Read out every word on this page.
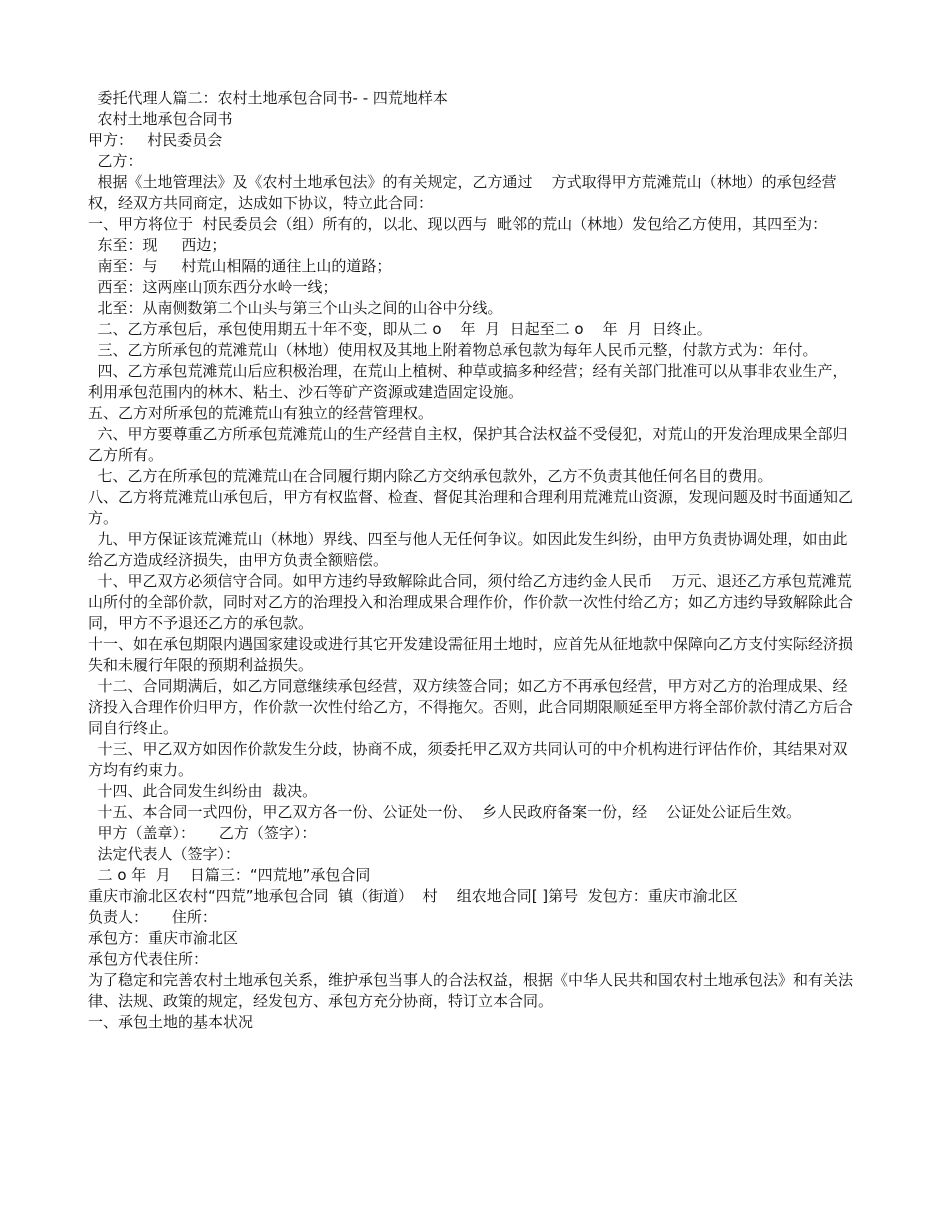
委托代理人篇二：农村土地承包合同书- - 四荒地样本

农村土地承包合同书

甲方：   村民委员会

乙方：

根据《土地管理法》及《农村土地承包法》的有关规定，乙方通过    方式取得甲方荒滩荒山（林地）的承包经营权，经双方共同商定，达成如下协议，特立此合同：

一、甲方将位于  村民委员会（组）所有的，以北、现以西与  毗邻的荒山（林地）发包给乙方使用，其四至为：

东至：现     西边；

南至：与     村荒山相隔的通往上山的道路；

西至：这两座山顶东西分水岭一线；

北至：从南侧数第二个山头与第三个山头之间的山谷中分线。

二、乙方承包后，承包使用期五十年不变，即从二 o    年  月  日起至二 o    年  月  日终止。

三、乙方所承包的荒滩荒山（林地）使用权及其地上附着物总承包款为每年人民币元整，付款方式为：年付。

四、乙方承包荒滩荒山后应积极治理，在荒山上植树、种草或搞多种经营；经有关部门批准可以从事非农业生产，利用承包范围内的林木、粘土、沙石等矿产资源或建造固定设施。

五、乙方对所承包的荒滩荒山有独立的经营管理权。

六、甲方要尊重乙方所承包荒滩荒山的生产经营自主权，保护其合法权益不受侵犯，对荒山的开发治理成果全部归乙方所有。

七、乙方在所承包的荒滩荒山在合同履行期内除乙方交纳承包款外，乙方不负责其他任何名目的费用。

八、乙方将荒滩荒山承包后，甲方有权监督、检查、督促其治理和合理利用荒滩荒山资源，发现问题及时书面通知乙方。

九、甲方保证该荒滩荒山（林地）界线、四至与他人无任何争议。如因此发生纠纷，由甲方负责协调处理，如由此给乙方造成经济损失，由甲方负责全额赔偿。

十、甲乙双方必须信守合同。如甲方违约导致解除此合同，须付给乙方违约金人民币    万元、退还乙方承包荒滩荒山所付的全部价款，同时对乙方的治理投入和治理成果合理作价，作价款一次性付给乙方；如乙方违约导致解除此合同，甲方不予退还乙方的承包款。

十一、如在承包期限内遇国家建设或进行其它开发建设需征用土地时，应首先从征地款中保障向乙方支付实际经济损失和未履行年限的预期利益损失。

十二、合同期满后，如乙方同意继续承包经营，双方续签合同；如乙方不再承包经营，甲方对乙方的治理成果、经济投入合理作价归甲方，作价款一次性付给乙方，不得拖欠。否则，此合同期限顺延至甲方将全部价款付清乙方后合同自行终止。

十三、甲乙双方如因作价款发生分歧，协商不成，须委托甲乙双方共同认可的中介机构进行评估作价，其结果对双方均有约束力。

十四、此合同发生纠纷由  裁决。

十五、本合同一式四份，甲乙双方各一份、公证处一份、  乡人民政府备案一份，经    公证处公证后生效。

甲方（盖章）：     乙方（签字）：

法定代表人（签字）：

二 o 年  月    日篇三：“四荒地”承包合同

重庆市渝北区农村“四荒”地承包合同  镇（街道）  村    组农地合同[ ]第号  发包方：重庆市渝北区

负责人：     住所：

承包方：重庆市渝北区

承包方代表住所：

为了稳定和完善农村土地承包关系，维护承包当事人的合法权益，根据《中华人民共和国农村土地承包法》和有关法律、法规、政策的规定，经发包方、承包方充分协商，特订立本合同。

一、承包土地的基本状况
